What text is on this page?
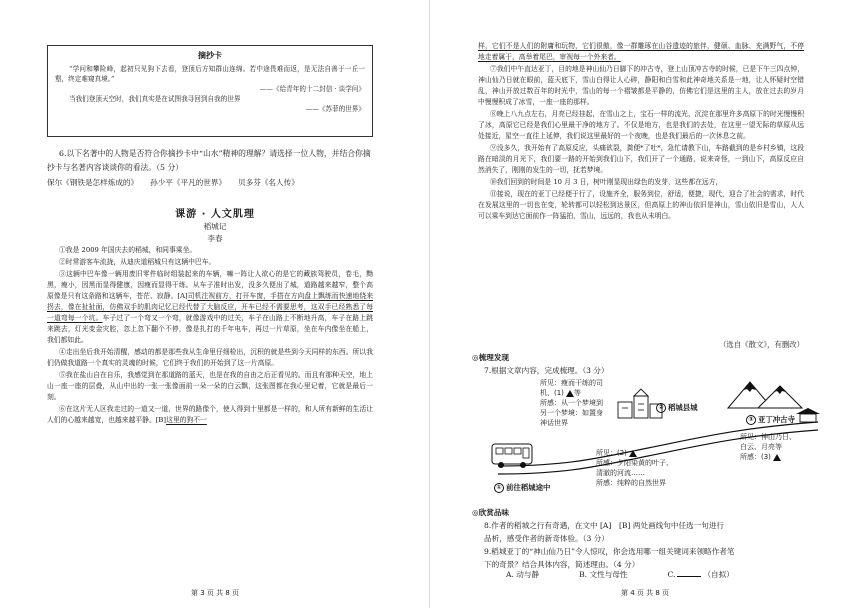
摘抄卡
“学问和攀险峰，起初只见狗下去看，登顶后方知群山连绵。若中途畏难而返，是无法自善于一丘一壑，终定难窥真境。”
——《给青年的十二封信 · 谈学问》
当我们登顶天空时，我们真实是在试图我寻回到自我的世界
——《苏菲的世界》
6.以下名著中的人物是否符合你摘抄卡中“山水”精神的理解？请选择一位人物，并结合你摘抄卡与名著内容谈谈你的看法。（5 分）
保尔《钢铁是怎样炼成的》 孙少平《平凡的世界》 贝多芬《名人传》
课游 · 人文肌理
稻城记
李春

①我是 2009 年国庆去的稻城，和同事乘坐。

②时常游客车流拢，从迪庆道稻城只有这辆中巴车。

③这辆中巴车像一辆用废旧零件临时组装起来的车辆，嘛一阵让人欲心的是它的藏族驾驶员，卷毛，黝黑，瘦小，因黑而显得健康，因瘦而显得干练。从车子准时出发，没多久便出了城，道路越来越窄，整个高原像是只有这条路和这辆车，苍茫、寂静。[A]司机注视前方，打开车窗，手搭在方向盘上飘练而快速地绕来拐去，像在扯扯面，仿佛双手的肌肉记忆已经代替了大脑反应，开车已经不需要思考，这双手已经熟悉了每一道弯每一个坑。车子过了一个弯又一个弯，就像游戏中的过关，车子在山路上不断地升高，车子在路上跳来跳去，灯光变金灾腔，忽上忽下翻个不停，像是扎打的千年电车，再过一片草原，坐在车内像坐在船上，我们都如此。

④走出坐后我开始清醒，感动的都是那些我从生命里仔细检出，沉积的就是些到今天同样的东西。所以我们仍做我道路一个真实的灵魂的时候，它们终于我们的开始到了这一片高原。

⑤我在盐山自在自乐，我感觉到在那道路的蓝天，也是在我的自由之后正看见的。而且有那种天空，地上山一座一座的层叠，从山中出的一张一张像面前一朵一朵的白云飘，这张图都在我心里记着，它就是最后一刻。

⑥在这片无人区我走过的一道又一道，世界的路像个，使人得到十里都是一样的，和人所有新鲜的生活让人们的心越来越宽，也越来越平静。[B]这里的狗不一

第 3 页 共 8 页

样，它们不是人们的附庸和玩物，它们很傲，像一群雕琢在山谷遗迹的旅伴，健硕、血脉、充满野气，不停地走着属于，高举着尾巴，审视每一个外来者。

⑦我们中午直达亚丁，目的地是神山仙乃日脚下的冲古寺，登上山顶冲古寺的时候，已是下午三四点钟，神山仙乃日就在眼前，蓝天底下，雪山白得让人心碎，静阳和白雪和此神奇地关系是一地，让人怀疑时空错乱，神山开放过数百年的时光中，雪山的每一个褶皱都是平静的，仿佛它们是这里的主人，放在过去的岁月中慢慢积成了冰雪，一座一座的那样。

⑧晚上八九点左右，月亮已经挂起，在雪山之上，宝石一样的流光，沉淀在那里许多高原下的时光慢慢积了冰，高原它已经是我们心里最干净的地方了。不仅是地方，也是我们的去处，在这里一望无际的草原从远处接近，星空一直往上延伸，我们说这里最好的一个夜晚，也是我们最后的一次休息之前。

⑨没多久，我开始有了高原反应，头痛欲裂，粪便*了吐*，急忙请教下山，车路截到的是乡村乡镇，这段路在暗淡的月光下，我们要一路的开始到我们山下，我们开了一个通路，说来奇怪，一到山下，高原反应自然消失了，刚刚的发生的一切，抚若梦境。

⑩我们回到的时间是 10 月 3 日，树叶刚显现出绿色的发芽，这些都在远方，

⑪接说，现在的亚丁已经便于行了，设施齐全，服务到位，舒适，便捷，现代，迎合了社会的需求，时代在发展这里的一切也在变，轮转都可以轻松到达景区，但高原上的神山依旧是神山，雪山依旧是雪山，人人可以乘车到达它面前作一阵猛拍，雪山，远远的，我也从未明白。

（选自《散文》，有删改）
◎梳理发现
7.根据文章内容，完成梳理。（3 分）
所见：瘦而干练的司
机、(1) 等
所感：从一个梦境到
另一个梦境：如置身
神话世界
② 稻城县城
③ 亚丁冲古寺
所见：(2)
所感：夕阳染黄的叶子、
清澈的河流……
所感：纯粹的自然世界
所见：神山乃日、
白云、月亮等
所感：(3)
① 前往稻城途中
◎欣赏品味
8.作者的稻城之行有奇遇，在文中 [A]　[B] 两处画线句中任选一句进行
品析，感受作者的新奇体验。（3 分）
9.稻城亚丁的“神山仙乃日”令人惊叹，你会选用哪一组关键词来领略作者笔
下的奇景？结合具体内容，简述理由。（4 分）
A. 动与静	B. 文性与母性	C.	（自拟）
第 4 页 共 8 页
